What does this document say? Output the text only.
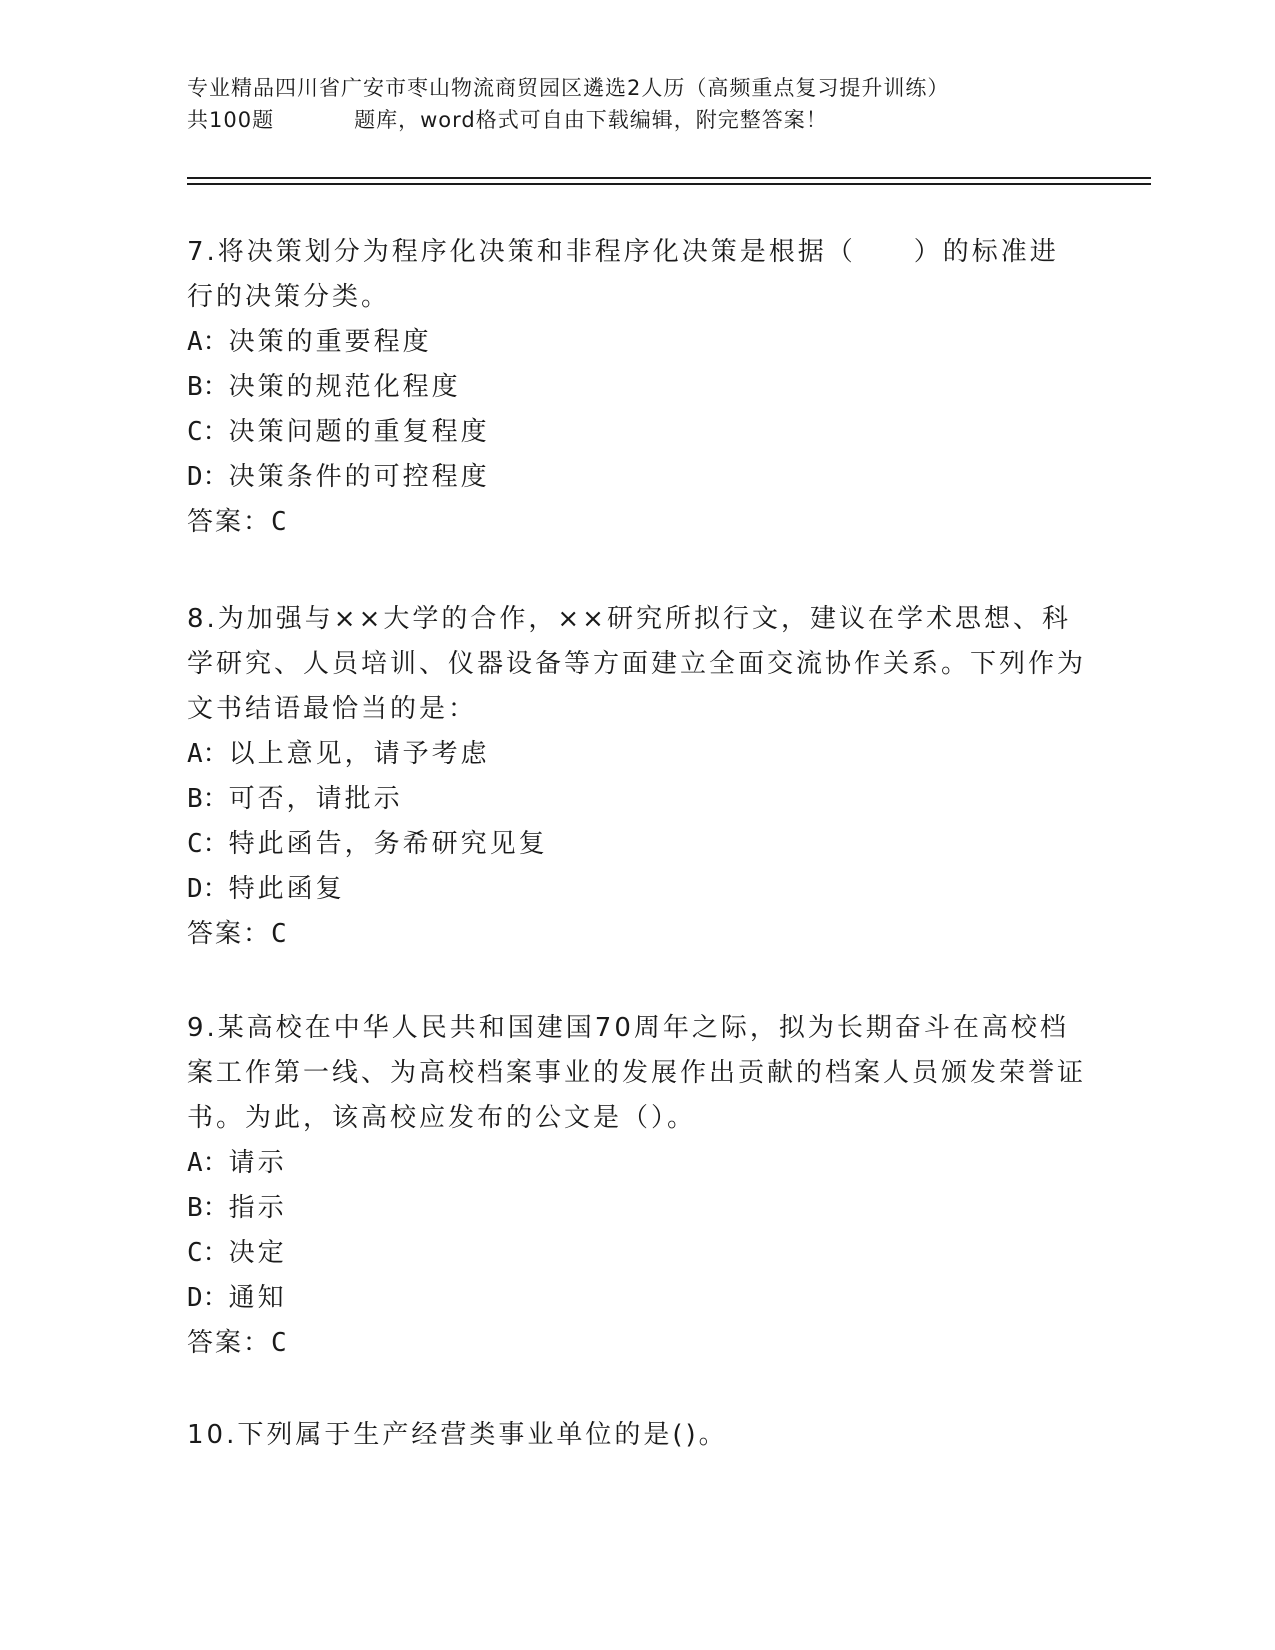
专业精品四川省广安市枣山物流商贸园区遴选2人历（高频重点复习提升训练）
共100题	题库，word格式可自由下载编辑，附完整答案！

7.将决策划分为程序化决策和非程序化决策是根据（　　）的标准进行的决策分类。

A：决策的重要程度

B：决策的规范化程度

C：决策问题的重复程度

D：决策条件的可控程度

答案：C

8.为加强与××大学的合作，××研究所拟行文，建议在学术思想、科学研究、人员培训、仪器设备等方面建立全面交流协作关系。下列作为文书结语最恰当的是：

A：以上意见，请予考虑

B：可否，请批示

C：特此函告，务希研究见复

D：特此函复

答案：C

9.某高校在中华人民共和国建国70周年之际，拟为长期奋斗在高校档案工作第一线、为高校档案事业的发展作出贡献的档案人员颁发荣誉证书。为此，该高校应发布的公文是（）。

A：请示

B：指示

C：决定

D：通知

答案：C

10.下列属于生产经营类事业单位的是()。
